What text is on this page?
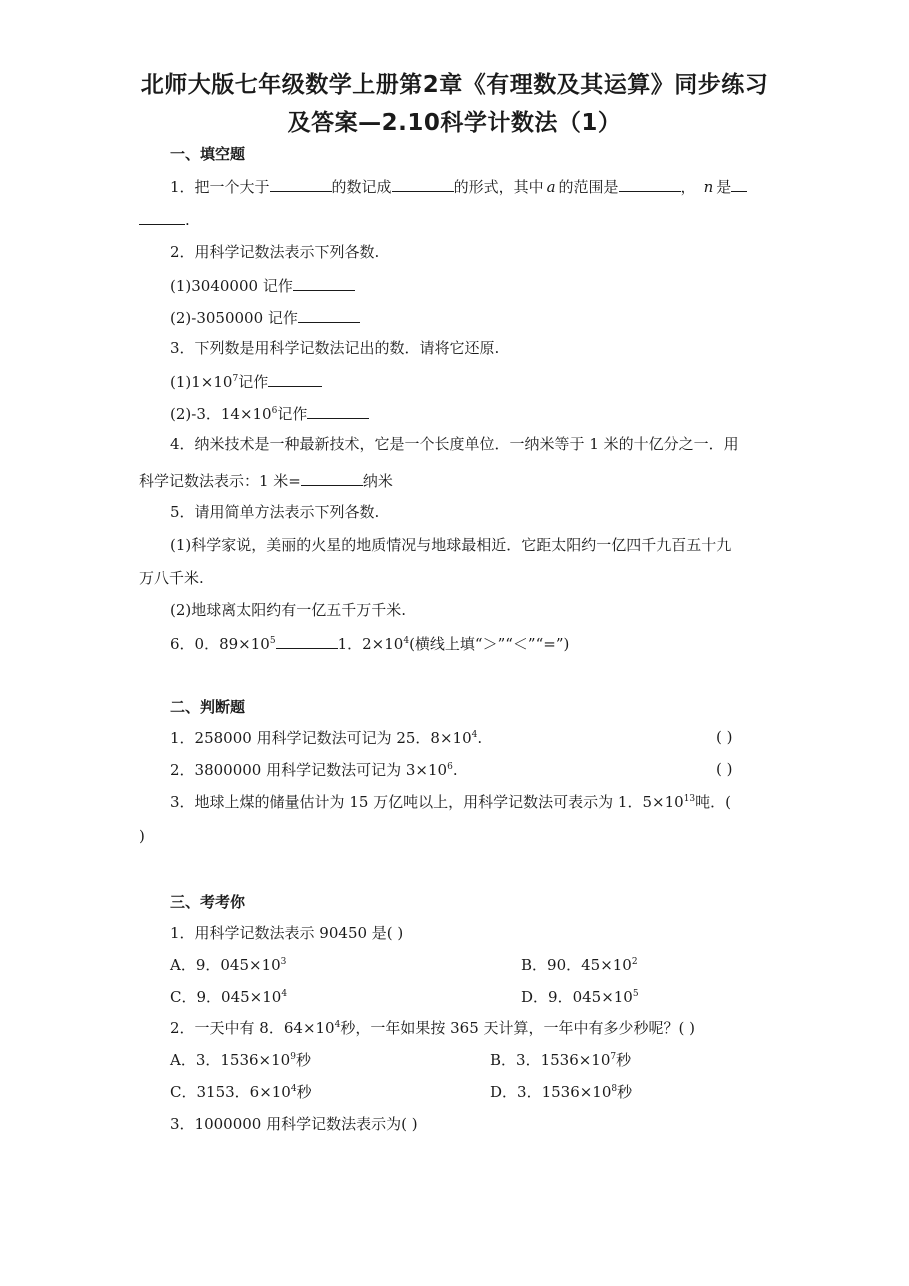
北师大版七年级数学上册第2章《有理数及其运算》同步练习
及答案—2.10科学计数法（1）
一、填空题
1．把一个大于	的数记成	的形式，其中 a 的范围是	， n 是
.
2．用科学记数法表示下列各数.
(1)3040000 记作
(2)-3050000 记作
3．下列数是用科学记数法记出的数．请将它还原.
$(1)1\times 10^7$记作
(2)-3．$14\times 10^6$记作
4．纳米技术是一种最新技术，它是一个长度单位．一纳米等于 1 米的十亿分之一．用
科学记数法表示：1 米=	纳米
5．请用简单方法表示下列各数.
(1)科学家说，美丽的火星的地质情况与地球最相近．它距太阳约一亿四千九百五十九
万八千米.
(2)地球离太阳约有一亿五千万千米.
6．0．$89\times 10^5$	1．$2\times 10^4$(横线上填“＞”“＜”“=”)
二、判断题
1．258000 用科学记数法可记为 25．$8\times 10^4$.	( )
2．3800000 用科学记数法可记为 $3\times 10^6$.	( )
3．地球上煤的储量估计为 15 万亿吨以上，用科学记数法可表示为 1．$5\times 10^{13}$吨．(
)
三、考考你
1．用科学记数法表示 90450 是( )
A．9．$045\times 10^3$	B．90．$45\times 10^2$
C．9．$045\times 10^4$	D．9．$045\times 10^5$
2．一天中有 8．$64\times 10^4$秒，一年如果按 365 天计算，一年中有多少秒呢？( )
A．3．$1536\times 10^9$秒	B．3．$1536\times 10^7$秒
C．3153．$6\times 10^4$秒	D．3．$1536\times 10^8$秒
3．1000000 用科学记数法表示为( )
